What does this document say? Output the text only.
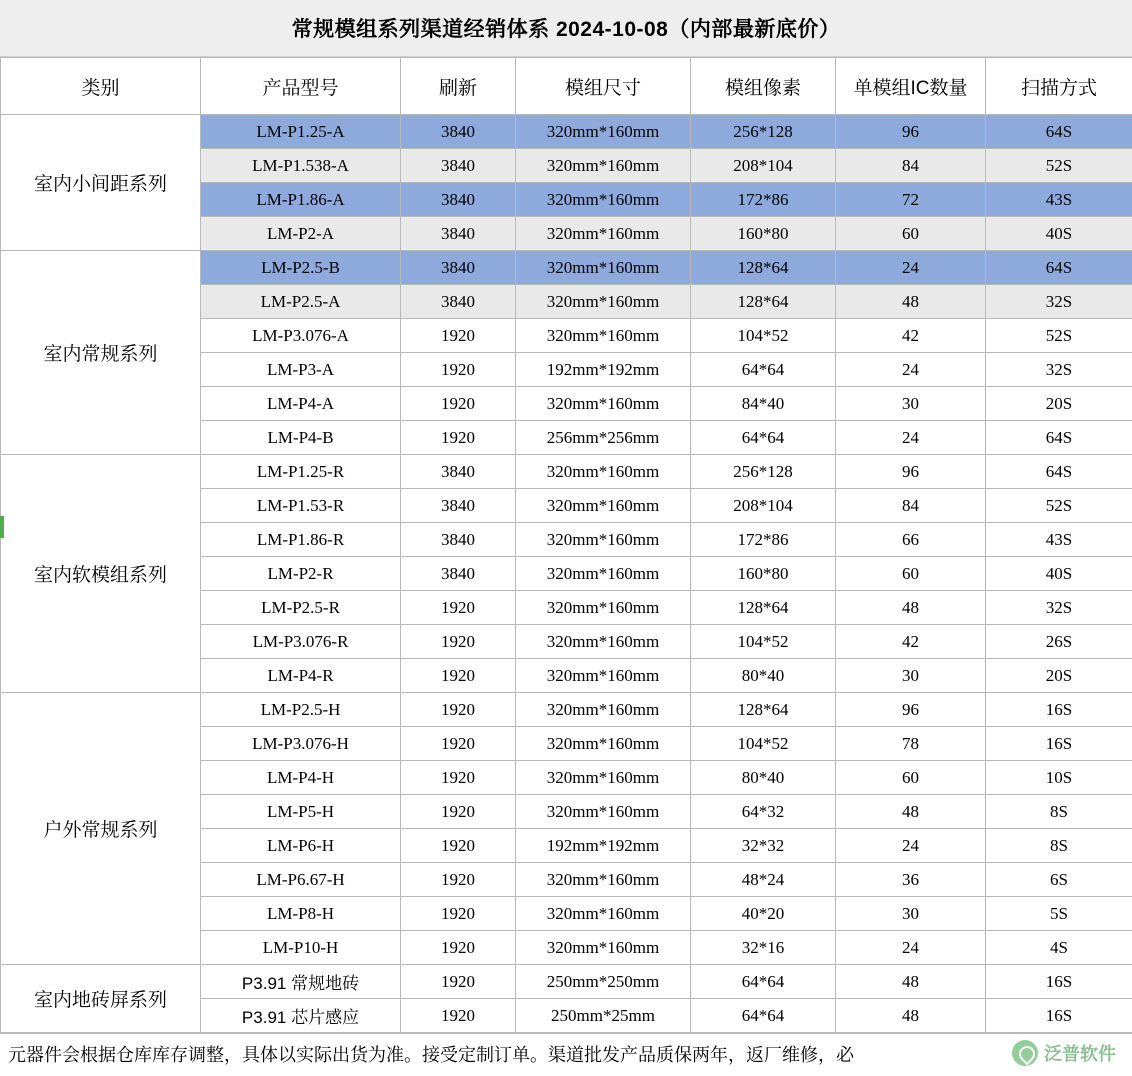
常规模组系列渠道经销体系 2024-10-08（内部最新底价）
类别	产品型号	刷新	模组尺寸	模组像素	单模组IC数量	扫描方式
室内小间距系列	LM-P1.25-A	3840	320mm*160mm	256*128	96	64S
	LM-P1.538-A	3840	320mm*160mm	208*104	84	52S
	LM-P1.86-A	3840	320mm*160mm	172*86	72	43S
	LM-P2-A	3840	320mm*160mm	160*80	60	40S
室内常规系列	LM-P2.5-B	3840	320mm*160mm	128*64	24	64S
	LM-P2.5-A	3840	320mm*160mm	128*64	48	32S
	LM-P3.076-A	1920	320mm*160mm	104*52	42	52S
	LM-P3-A	1920	192mm*192mm	64*64	24	32S
	LM-P4-A	1920	320mm*160mm	84*40	30	20S
	LM-P4-B	1920	256mm*256mm	64*64	24	64S
室内软模组系列	LM-P1.25-R	3840	320mm*160mm	256*128	96	64S
	LM-P1.53-R	3840	320mm*160mm	208*104	84	52S
	LM-P1.86-R	3840	320mm*160mm	172*86	66	43S
	LM-P2-R	3840	320mm*160mm	160*80	60	40S
	LM-P2.5-R	1920	320mm*160mm	128*64	48	32S
	LM-P3.076-R	1920	320mm*160mm	104*52	42	26S
	LM-P4-R	1920	320mm*160mm	80*40	30	20S
户外常规系列	LM-P2.5-H	1920	320mm*160mm	128*64	96	16S
	LM-P3.076-H	1920	320mm*160mm	104*52	78	16S
	LM-P4-H	1920	320mm*160mm	80*40	60	10S
	LM-P5-H	1920	320mm*160mm	64*32	48	8S
	LM-P6-H	1920	192mm*192mm	32*32	24	8S
	LM-P6.67-H	1920	320mm*160mm	48*24	36	6S
	LM-P8-H	1920	320mm*160mm	40*20	30	5S
	LM-P10-H	1920	320mm*160mm	32*16	24	4S
室内地砖屏系列	P3.91 常规地砖	1920	250mm*250mm	64*64	48	16S
	P3.91 芯片感应	1920	250mm*25mm	64*64	48	16S
元器件会根据仓库库存调整，具体以实际出货为准。接受定制订单。渠道批发产品质保两年，返厂维修，必	泛普软件
